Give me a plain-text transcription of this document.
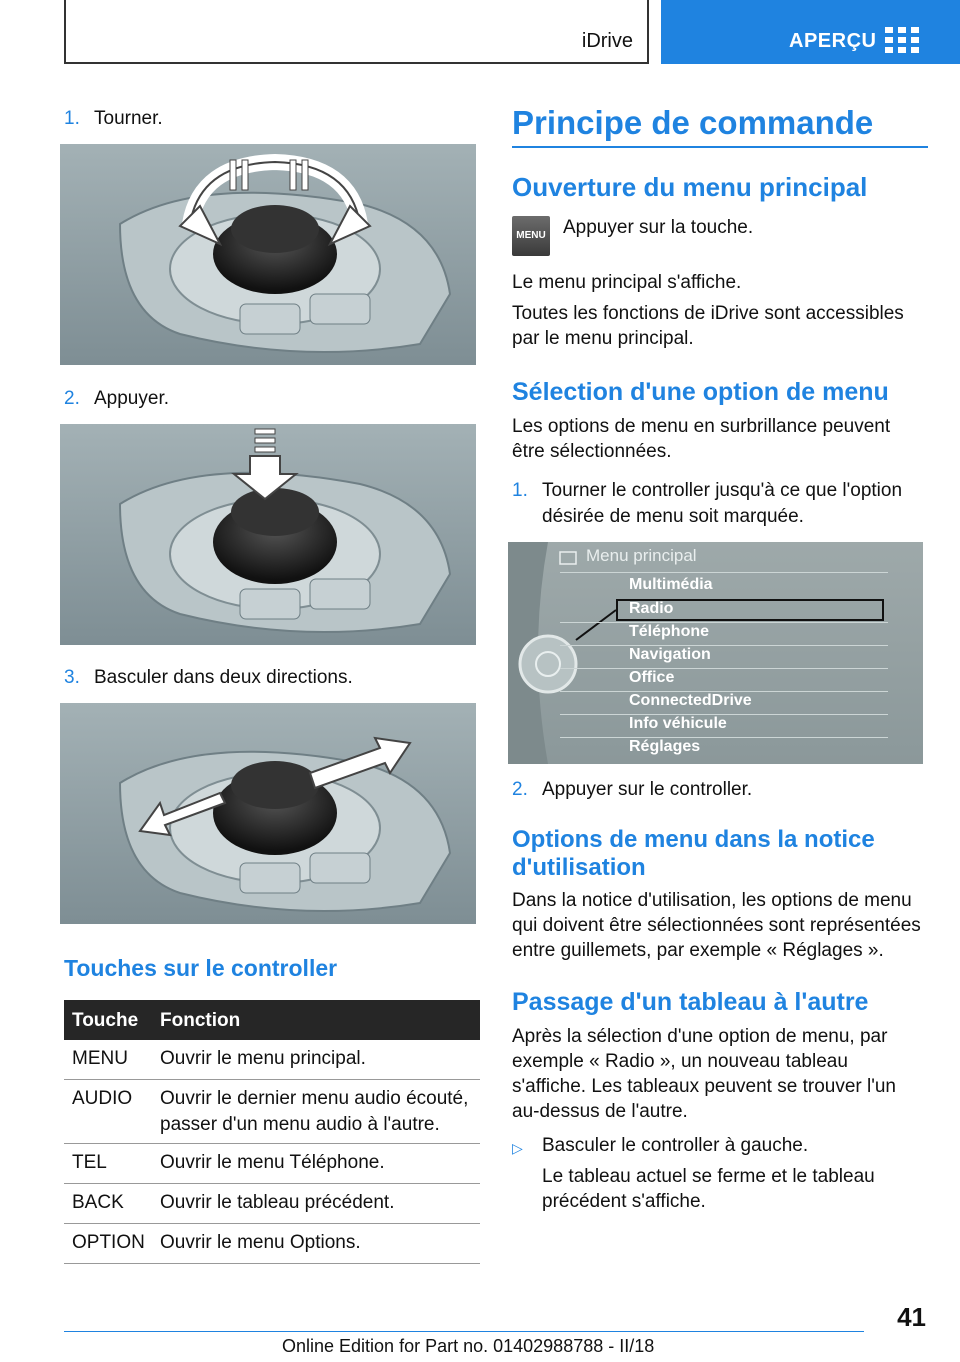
iDrive	APERÇU
1. Tourner.
2. Appuyer.
3. Basculer dans deux directions.
Touches sur le controller
Touche Fonction
MENU Ouvrir le menu principal.
AUDIO Ouvrir le dernier menu audio écouté, passer d'un menu audio à l'autre.
TEL	Ouvrir le menu Téléphone.
BACK Ouvrir le tableau précédent.
OPTION Ouvrir le menu Options.
Principe de commande
Ouverture du menu principal
MENU Appuyer sur la touche.
Le menu principal s'affiche.
Toutes les fonctions de iDrive sont accessibles par le menu principal.
Sélection d'une option de menu
Les options de menu en surbrillance peuvent être sélectionnées.
1. Tourner le controller jusqu'à ce que l'option désirée de menu soit marquée.
Menu principal
Multimédia
Radio
Téléphone
Navigation
Office
ConnectedDrive
Info véhicule
Réglages
2. Appuyer sur le controller.
Options de menu dans la notice d'utilisation
Dans la notice d'utilisation, les options de menu qui doivent être sélectionnées sont représentées entre guillemets, par exemple « Réglages ».
Passage d'un tableau à l'autre
Après la sélection d'une option de menu, par exemple « Radio », un nouveau tableau s'affiche. Les tableaux peuvent se trouver l'un au-dessus de l'autre.
▷ Basculer le controller à gauche.
Le tableau actuel se ferme et le tableau précédent s'affiche.
41
Online Edition for Part no. 01402988788 - II/18
